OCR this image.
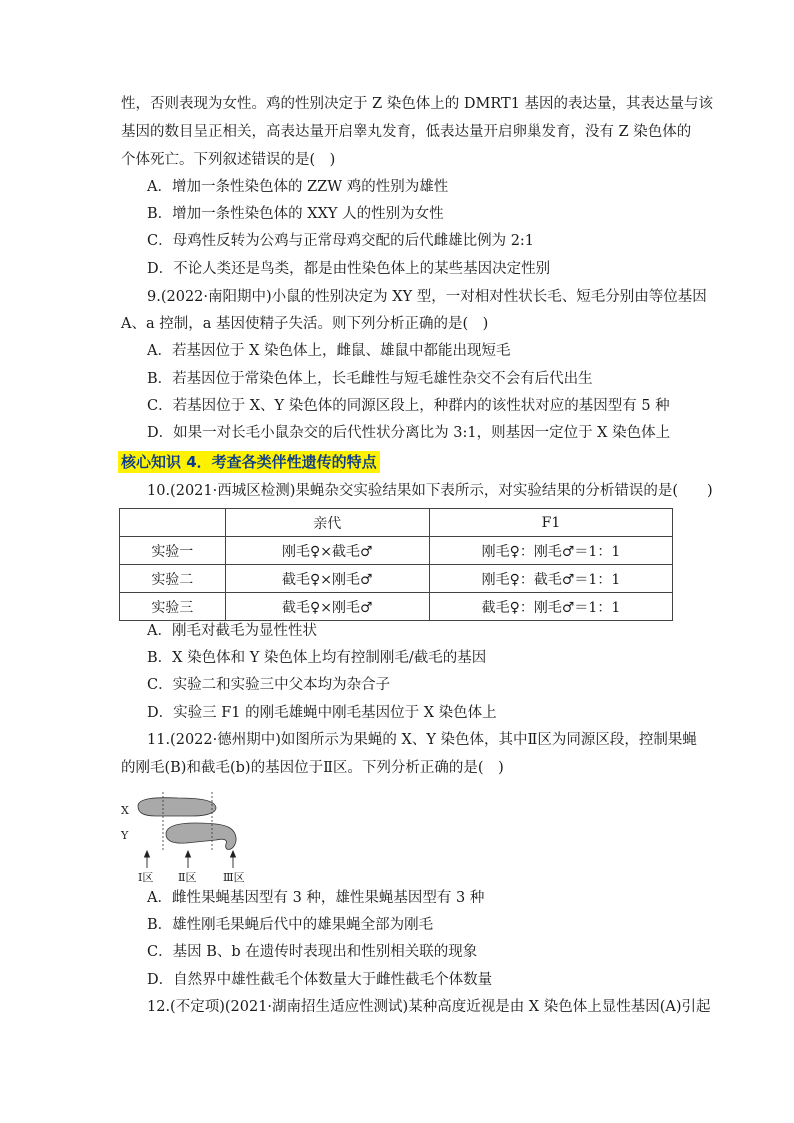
性，否则表现为女性。鸡的性别决定于 Z 染色体上的 DMRT1 基因的表达量，其表达量与该
基因的数目呈正相关，高表达量开启睾丸发育，低表达量开启卵巢发育，没有 Z 染色体的
个体死亡。下列叙述错误的是(　)
A．增加一条性染色体的 ZZW 鸡的性别为雄性
B．增加一条性染色体的 XXY 人的性别为女性
C．母鸡性反转为公鸡与正常母鸡交配的后代雌雄比例为 2:1
D．不论人类还是鸟类，都是由性染色体上的某些基因决定性别
9.(2022·南阳期中)小鼠的性别决定为 XY 型，一对相对性状长毛、短毛分别由等位基因
A、a 控制，a 基因使精子失活。则下列分析正确的是(　)
A．若基因位于 X 染色体上，雌鼠、雄鼠中都能出现短毛
B．若基因位于常染色体上，长毛雌性与短毛雄性杂交不会有后代出生
C．若基因位于 X、Y 染色体的同源区段上，种群内的该性状对应的基因型有 5 种
D．如果一对长毛小鼠杂交的后代性状分离比为 3:1，则基因一定位于 X 染色体上
核心知识 4．考查各类伴性遗传的特点
10.(2021·西城区检测)果蝇杂交实验结果如下表所示，对实验结果的分析错误的是(　　)
	亲代	F1
实验一	刚毛♀×截毛♂	刚毛♀：刚毛♂＝1：1
实验二	截毛♀×刚毛♂	刚毛♀：截毛♂＝1：1
实验三	截毛♀×刚毛♂	截毛♀：刚毛♂＝1：1
A．刚毛对截毛为显性性状
B．X 染色体和 Y 染色体上均有控制刚毛/截毛的基因
C．实验二和实验三中父本均为杂合子
D．实验三 F1 的刚毛雄蝇中刚毛基因位于 X 染色体上
11.(2022·德州期中)如图所示为果蝇的 X、Y 染色体，其中Ⅱ区为同源区段，控制果蝇
的刚毛(B)和截毛(b)的基因位于Ⅱ区。下列分析正确的是(　)
X
Y
Ⅰ区 Ⅱ区 Ⅲ区
A．雌性果蝇基因型有 3 种，雄性果蝇基因型有 3 种
B．雄性刚毛果蝇后代中的雄果蝇全部为刚毛
C．基因 B、b 在遗传时表现出和性别相关联的现象
D．自然界中雄性截毛个体数量大于雌性截毛个体数量
12.(不定项)(2021·湖南招生适应性测试)某种高度近视是由 X 染色体上显性基因(A)引起
